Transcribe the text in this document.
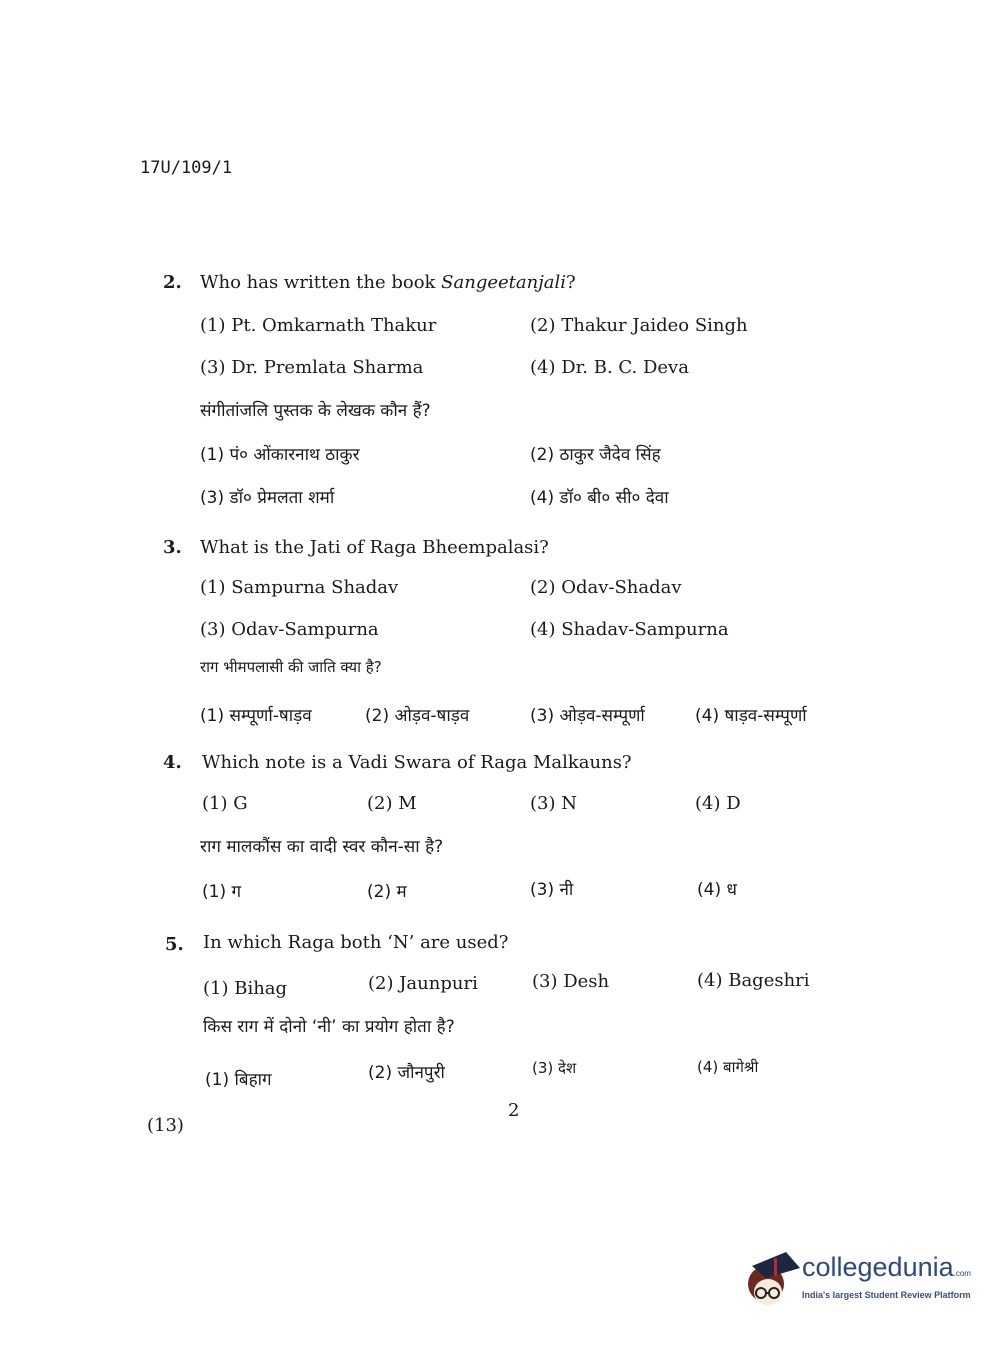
17U/109/1
2. Who has written the book Sangeetanjali?
(1) Pt. Omkarnath Thakur	(2) Thakur Jaideo Singh
(3) Dr. Premlata Sharma	(4) Dr. B. C. Deva
संगीतांजलि पुस्तक के लेखक कौन हैं?
(1) पं० ओंकारनाथ ठाकुर	(2) ठाकुर जैदेव सिंह
(3) डॉ० प्रेमलता शर्मा	(4) डॉ० बी० सी० देवा
3. What is the Jati of Raga Bheempalasi?
(1) Sampurna Shadav	(2) Odav-Shadav
(3) Odav-Sampurna	(4) Shadav-Sampurna
राग भीमपलासी की जाति क्या है?
(1) सम्पूर्णा-षाड़व	(2) ओड़व-षाड़व	(3) ओड़व-सम्पूर्णा	(4) षाड़व-सम्पूर्णा
4. Which note is a Vadi Swara of Raga Malkauns?
(1) G	(2) M	(3) N	(4) D
राग मालकौंस का वादी स्वर कौन-सा है?
(1) ग	(2) म	(3) नी	(4) ध
5. In which Raga both ‘N’ are used?
(1) Bihag	(2) Jaunpuri	(3) Desh	(4) Bageshri
किस राग में दोनो ‘नी’ का प्रयोग होता है?
(1) बिहाग	(2) जौनपुरी	(3) देश	(4) बागेश्री
2
(13)
collegedunia.com
India's largest Student Review Platform
